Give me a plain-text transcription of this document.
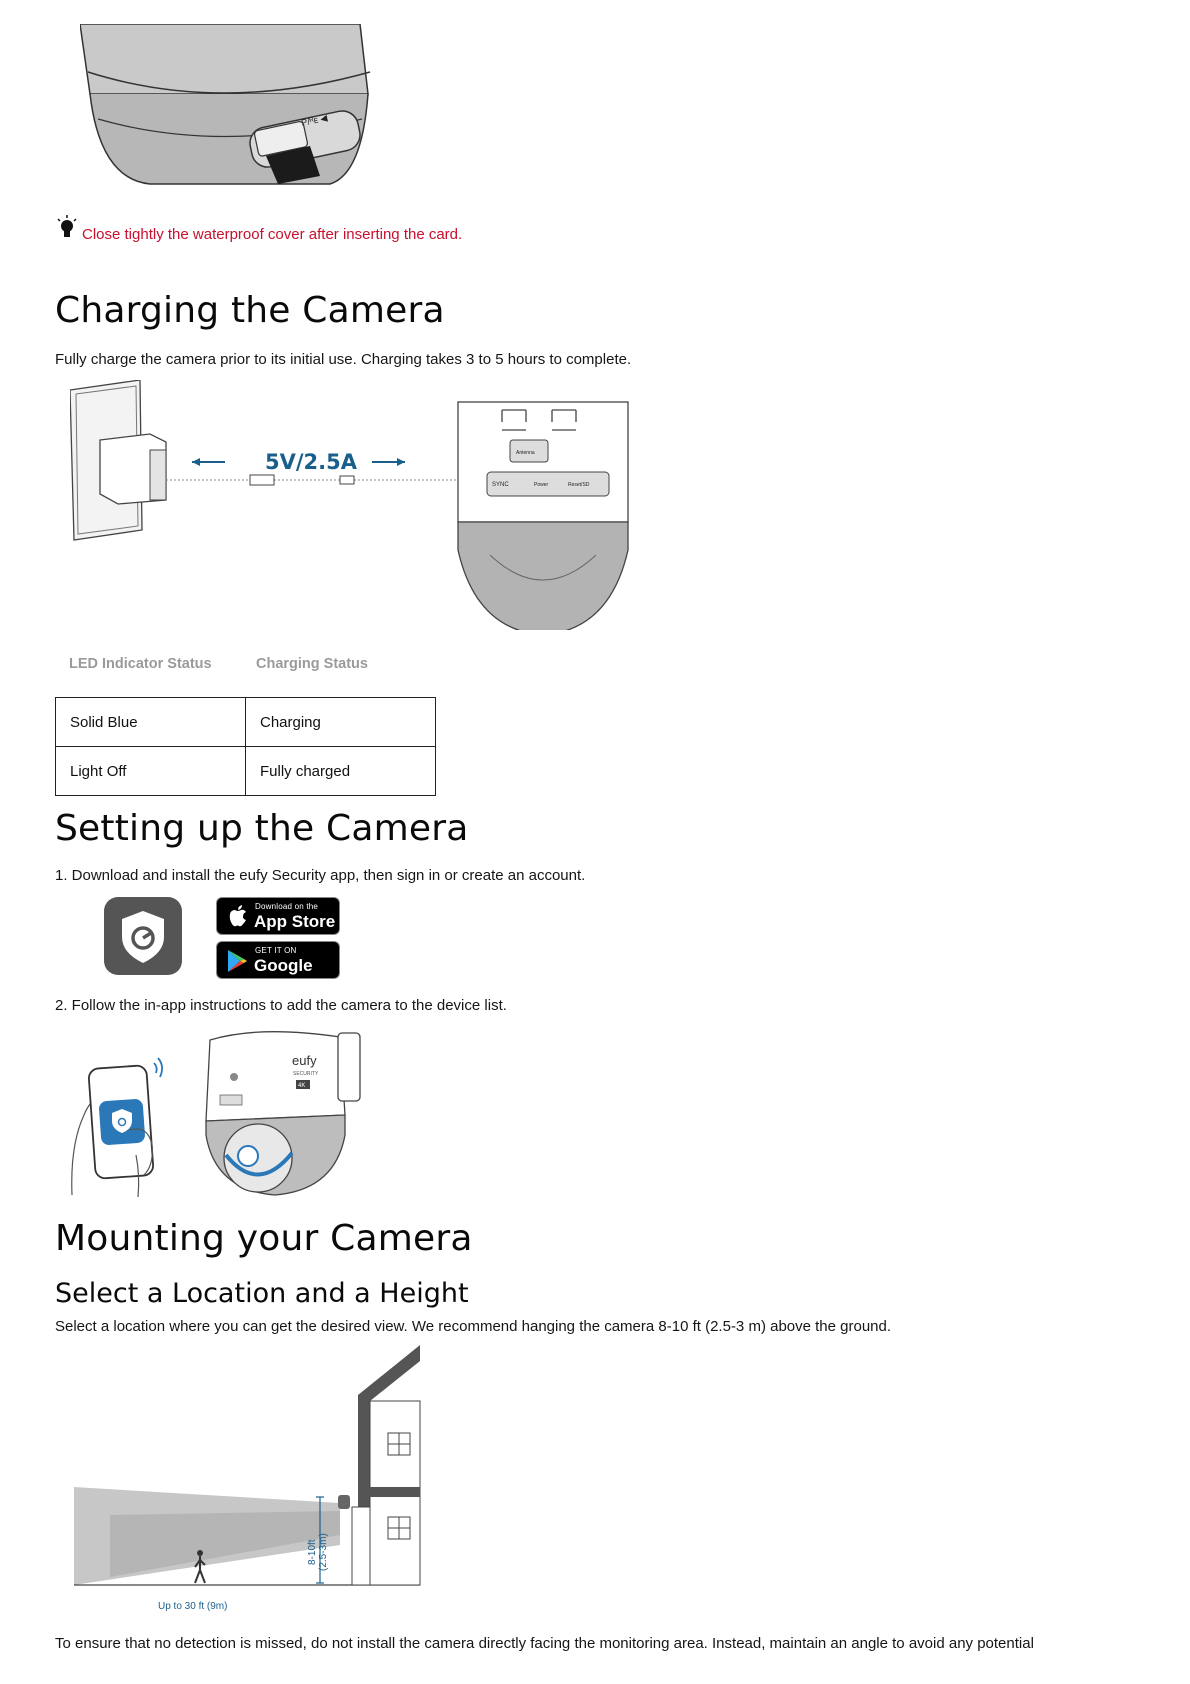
Ρ/ᴿᴇ ◀
Close tightly the waterproof cover after inserting the card.
Charging the Camera

Fully charge the camera prior to its initial use. Charging takes 3 to 5 hours to complete.

5V/2.5A	Antenna
SYNC	Power	Reset/SD
LED Indicator Status	Charging Status
Solid Blue	Charging
Light Off	Fully charged
Setting up the Camera

1. Download and install the eufy Security app, then sign in or create an account.

Download on the
App Store
GET IT ON
Google Play

2. Follow the in-app instructions to add the camera to the device list.

eufy
SECURITY
4K
Mounting your Camera
Select a Location and a Height

Select a location where you can get the desired view. We recommend hanging the camera 8-10 ft (2.5-3 m) above the ground.

8-10ft (2.5-3m)
Up to 30 ft (9m)

To ensure that no detection is missed, do not install the camera directly facing the monitoring area. Instead, maintain an angle to avoid any potential
